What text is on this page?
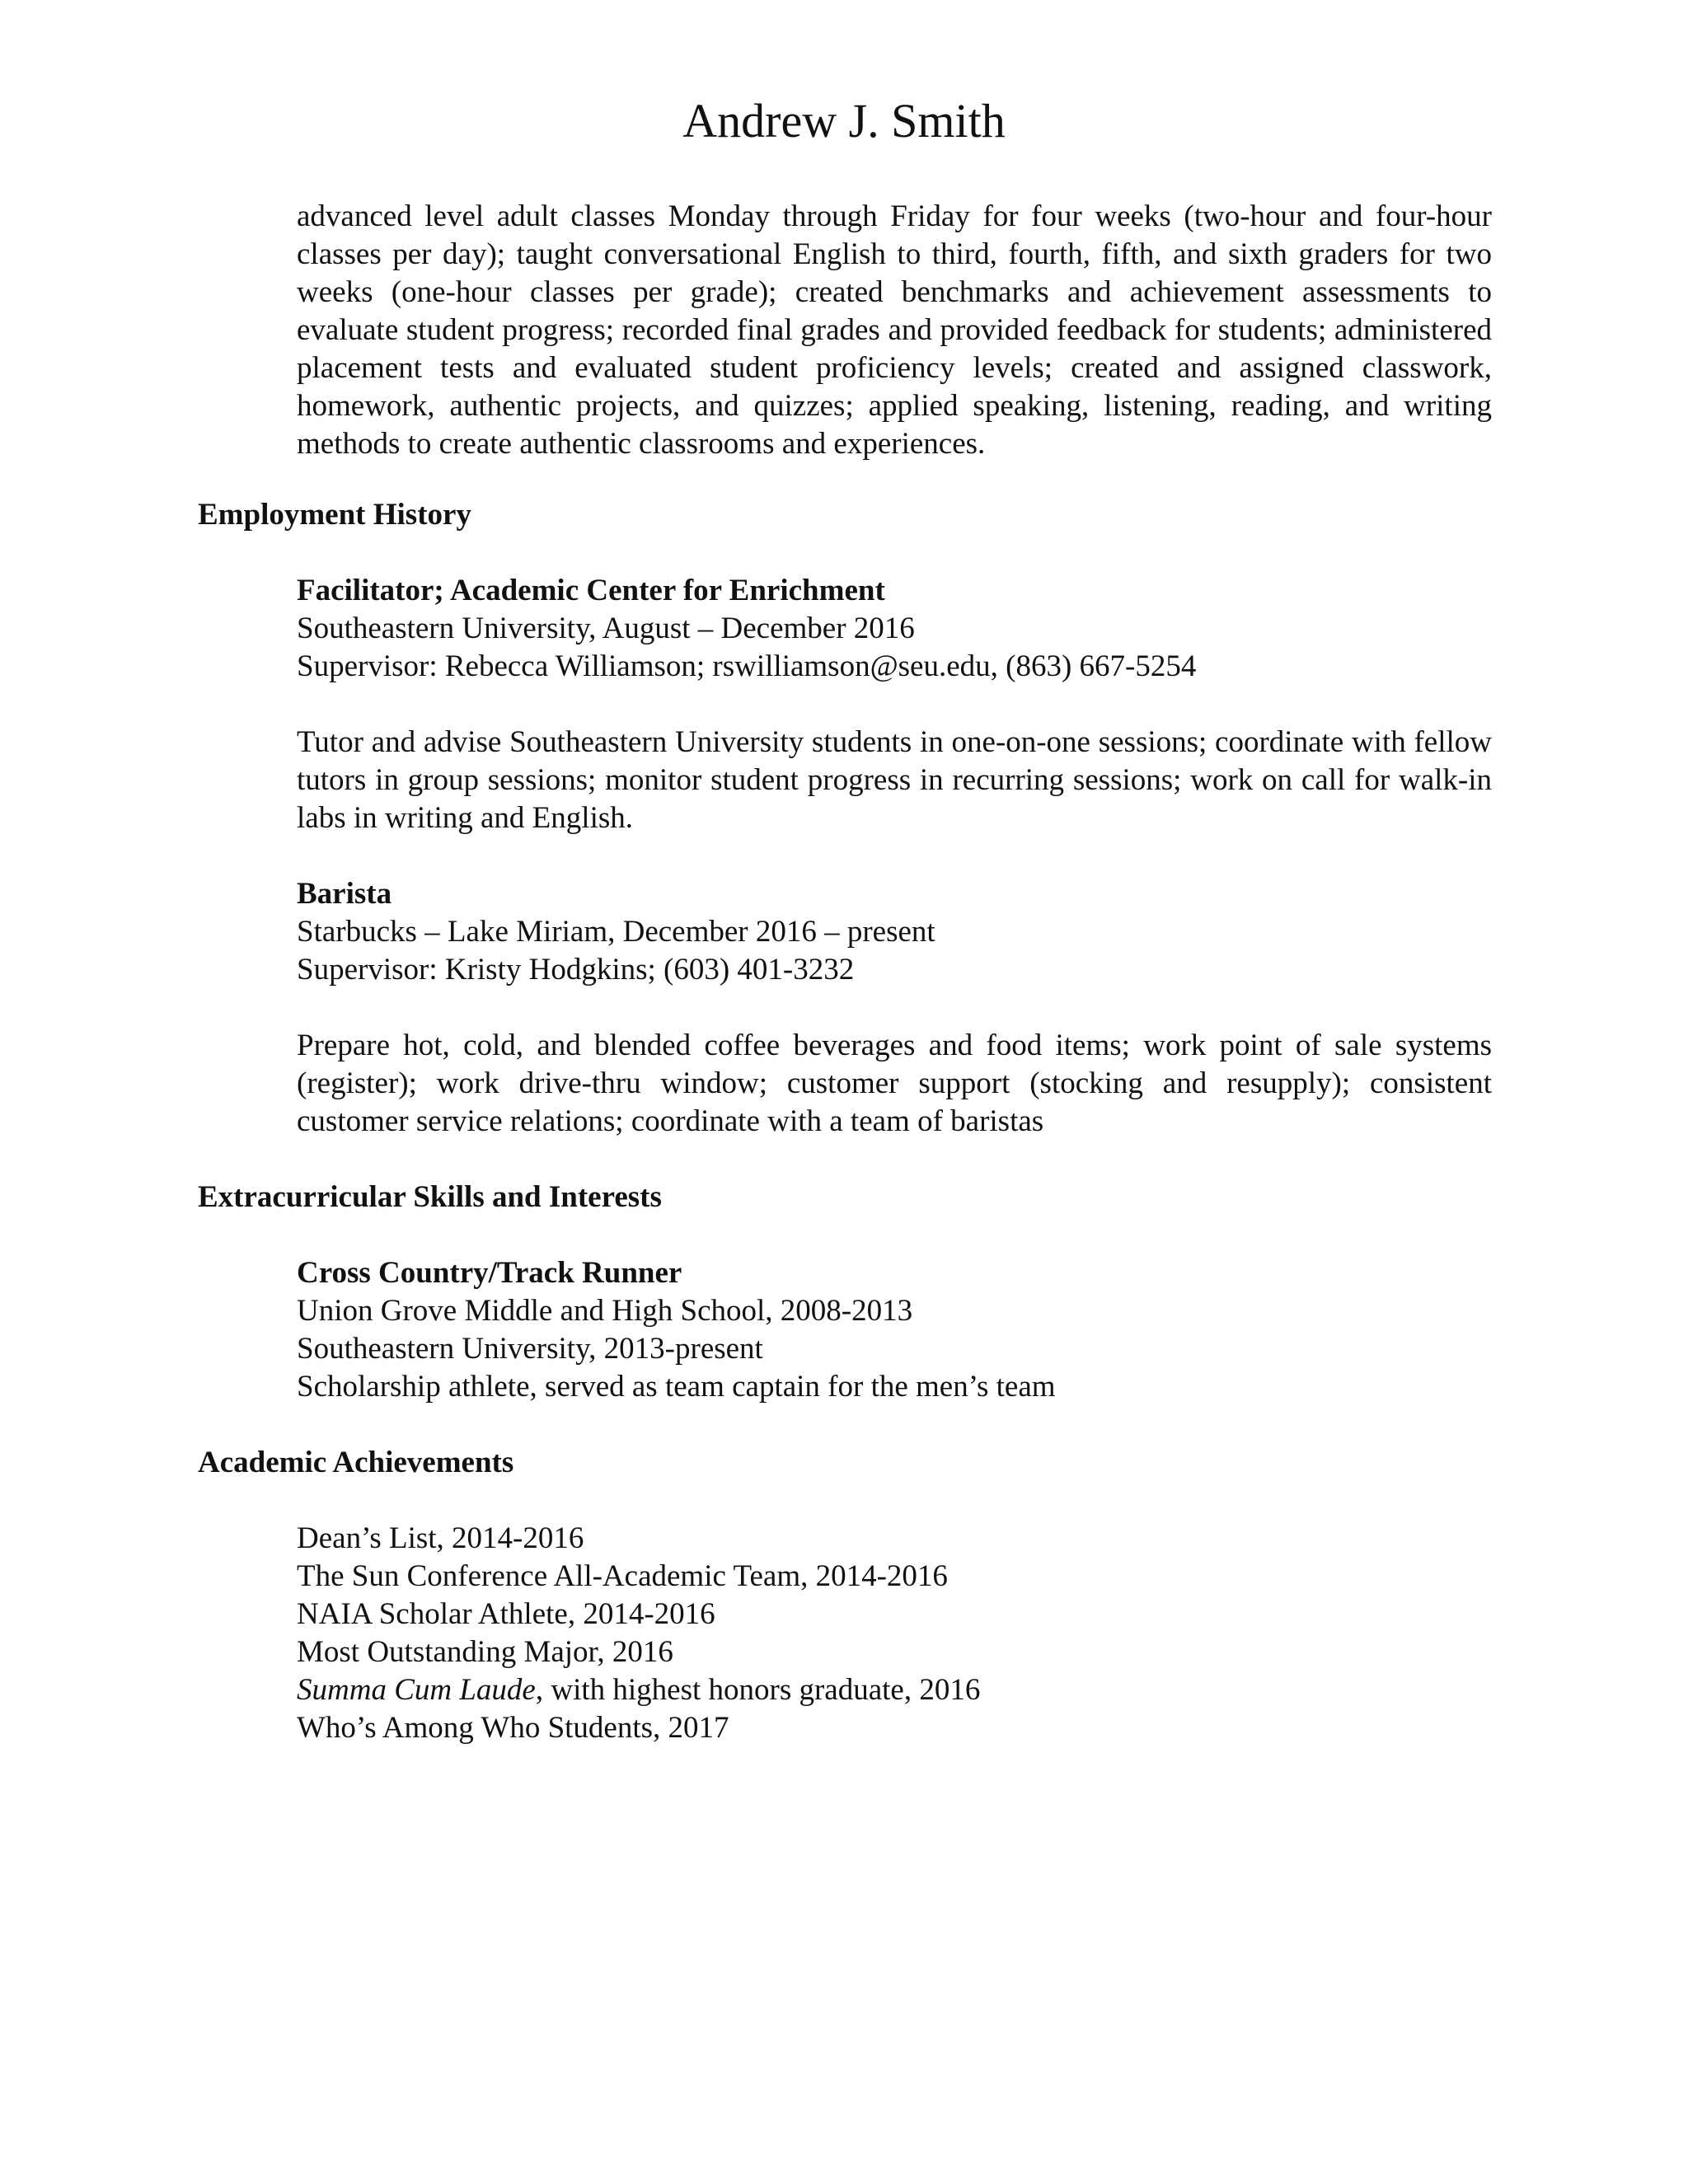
Andrew J. Smith

advanced level adult classes Monday through Friday for four weeks (two-hour and four-hour classes per day); taught conversational English to third, fourth, fifth, and sixth graders for two weeks (one-hour classes per grade); created benchmarks and achievement assessments to evaluate student progress; recorded final grades and provided feedback for students; administered placement tests and evaluated student proficiency levels; created and assigned classwork, homework, authentic projects, and quizzes; applied speaking, listening, reading, and writing methods to create authentic classrooms and experiences.

Employment History

Facilitator; Academic Center for Enrichment

Southeastern University, August – December 2016
Supervisor: Rebecca Williamson; rswilliamson@seu.edu, (863) 667-5254

Tutor and advise Southeastern University students in one-on-one sessions; coordinate with fellow tutors in group sessions; monitor student progress in recurring sessions; work on call for walk-in labs in writing and English.

Barista

Starbucks – Lake Miriam, December 2016 – present
Supervisor: Kristy Hodgkins; (603) 401-3232

Prepare hot, cold, and blended coffee beverages and food items; work point of sale systems (register); work drive-thru window; customer support (stocking and resupply); consistent customer service relations; coordinate with a team of baristas

Extracurricular Skills and Interests

Cross Country/Track Runner

Union Grove Middle and High School, 2008-2013
Southeastern University, 2013-present
Scholarship athlete, served as team captain for the men’s team
Academic Achievements
Dean’s List, 2014-2016
The Sun Conference All-Academic Team, 2014-2016
NAIA Scholar Athlete, 2014-2016
Most Outstanding Major, 2016
Summa Cum Laude, with highest honors graduate, 2016
Who’s Among Who Students, 2017
